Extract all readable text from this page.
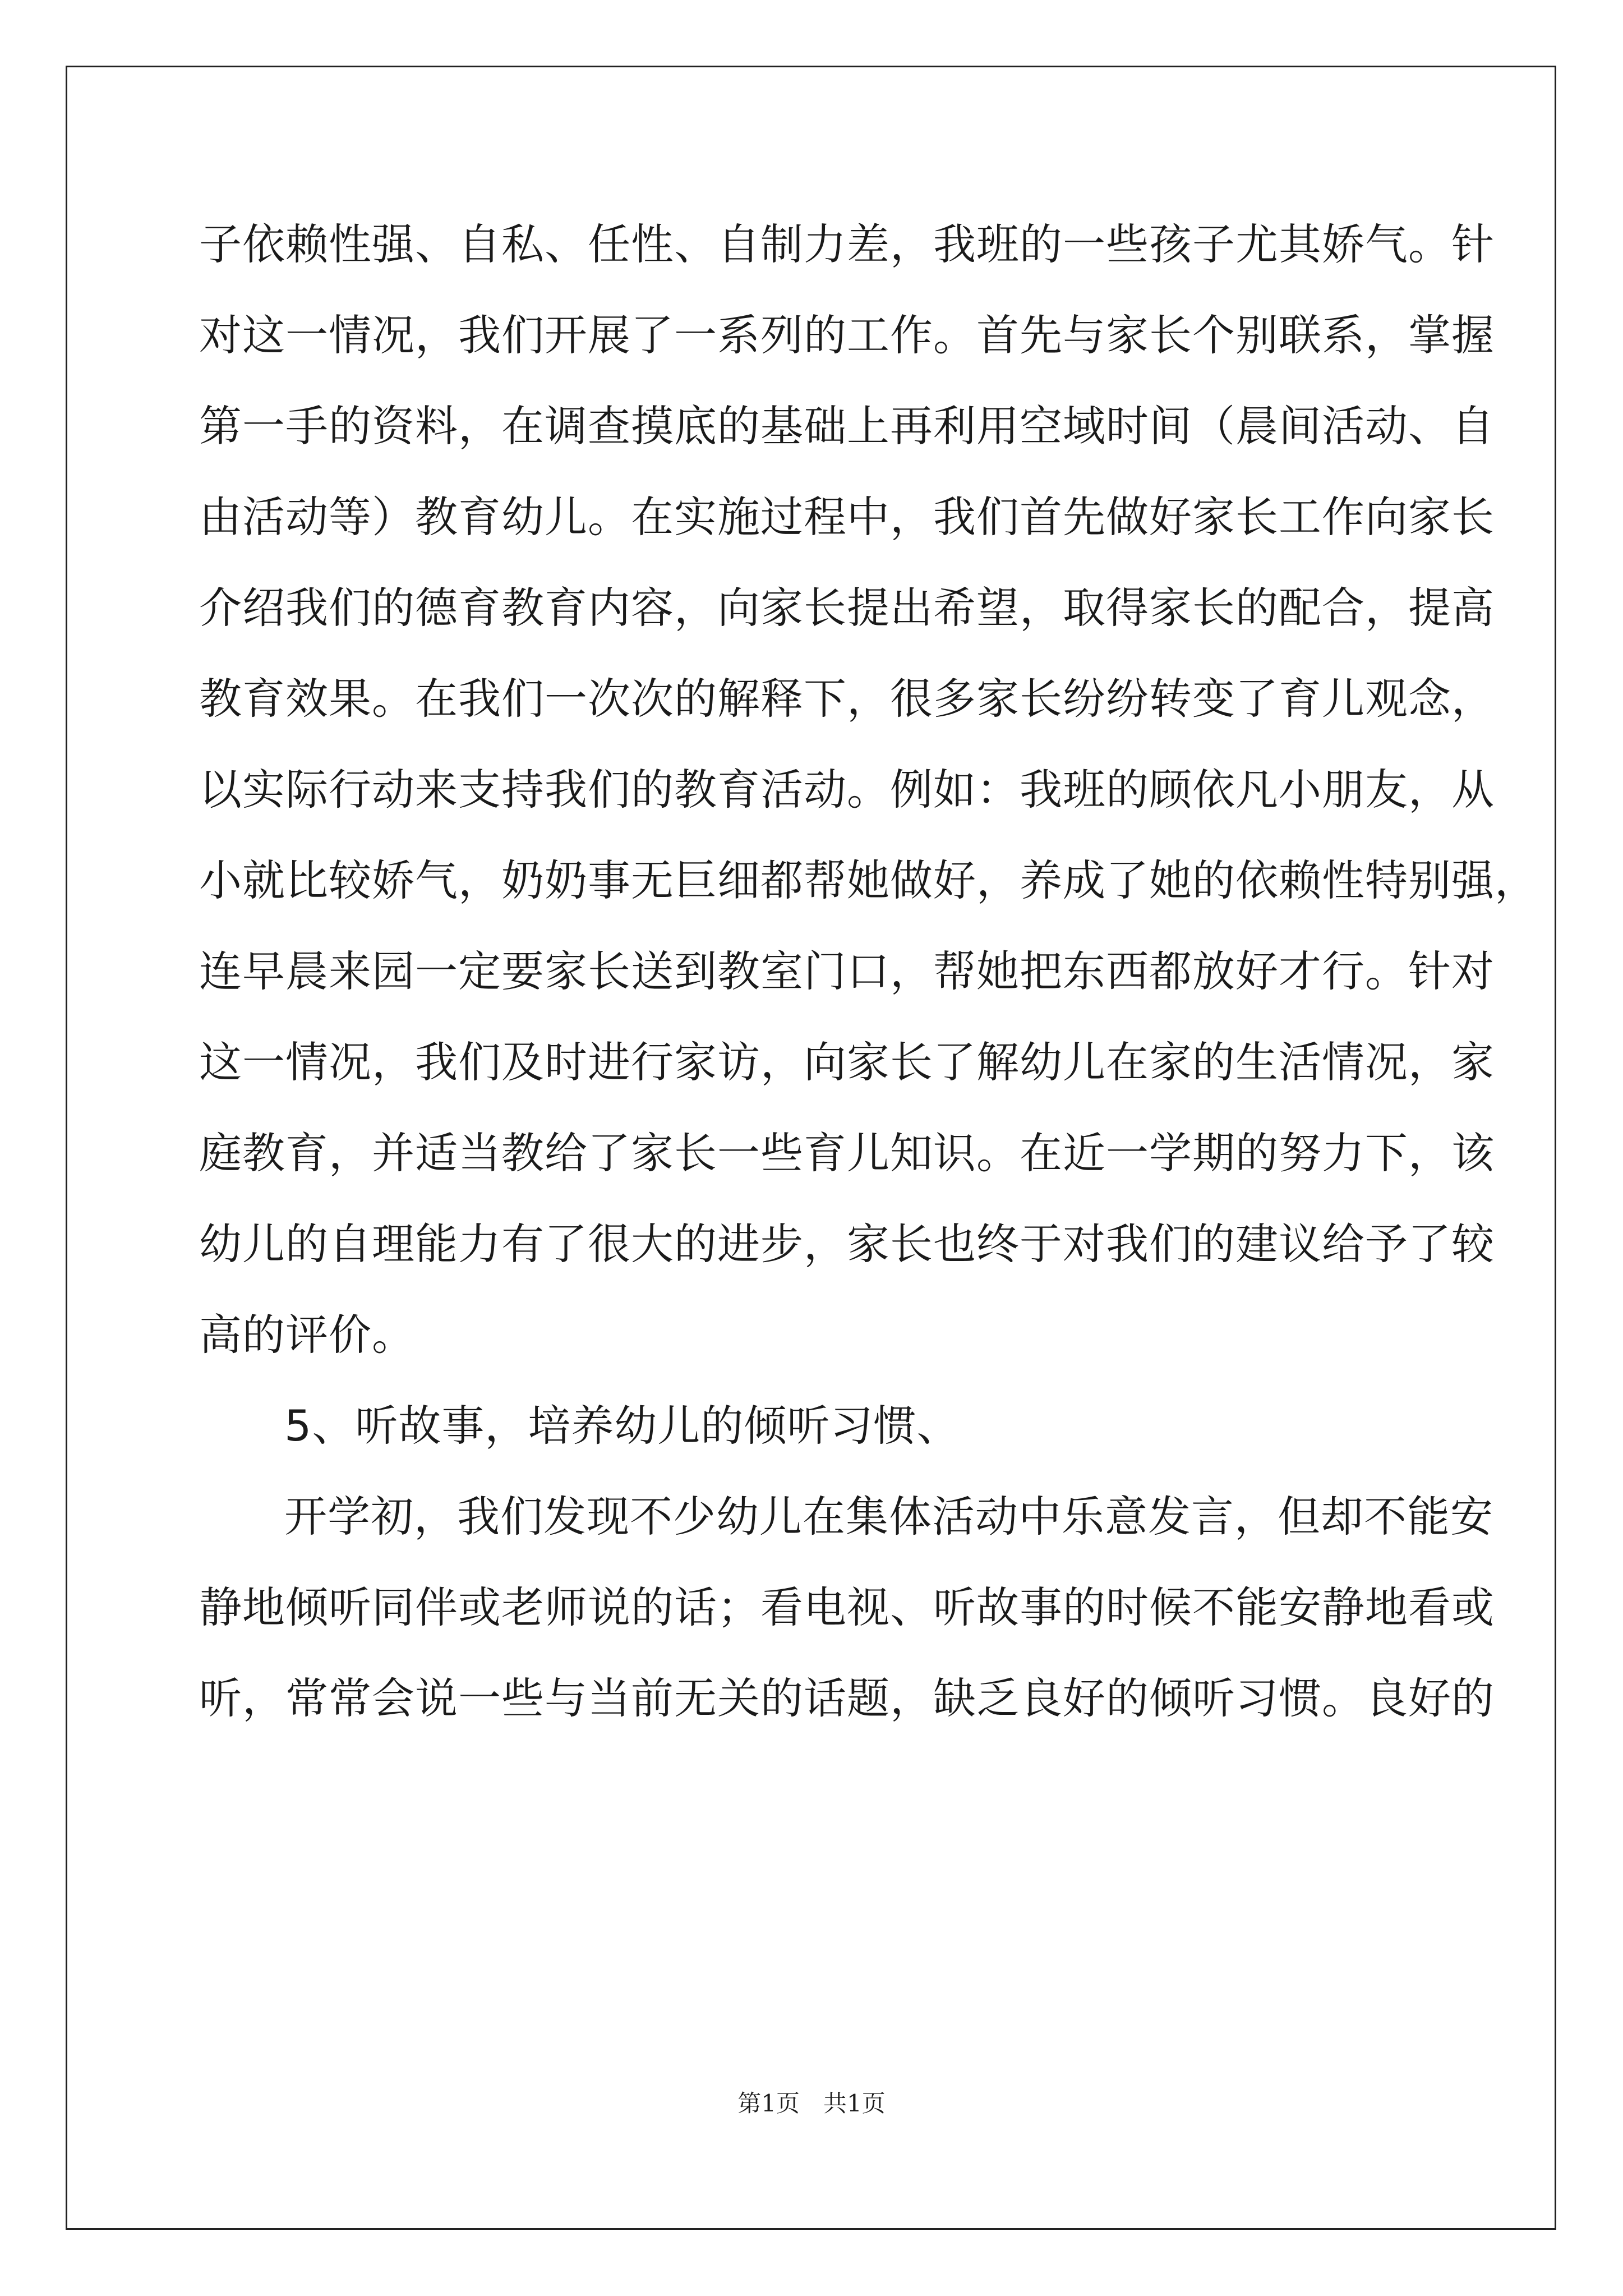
子依赖性强、自私、任性、自制力差，我班的一些孩子尤其娇气。针
对这一情况，我们开展了一系列的工作。首先与家长个别联系，掌握
第一手的资料，在调查摸底的基础上再利用空域时间（晨间活动、自
由活动等）教育幼儿。在实施过程中，我们首先做好家长工作向家长
介绍我们的德育教育内容，向家长提出希望，取得家长的配合，提高
教育效果。在我们一次次的解释下，很多家长纷纷转变了育儿观念，
以实际行动来支持我们的教育活动。例如：我班的顾依凡小朋友，从
小就比较娇气，奶奶事无巨细都帮她做好，养成了她的依赖性特别强，
连早晨来园一定要家长送到教室门口，帮她把东西都放好才行。针对
这一情况，我们及时进行家访，向家长了解幼儿在家的生活情况，家
庭教育，并适当教给了家长一些育儿知识。在近一学期的努力下，该
幼儿的自理能力有了很大的进步，家长也终于对我们的建议给予了较
高的评价。
5、听故事，培养幼儿的倾听习惯、
开学初，我们发现不少幼儿在集体活动中乐意发言，但却不能安
静地倾听同伴或老师说的话；看电视、听故事的时候不能安静地看或
听，常常会说一些与当前无关的话题，缺乏良好的倾听习惯。良好的
第1页　共1页
